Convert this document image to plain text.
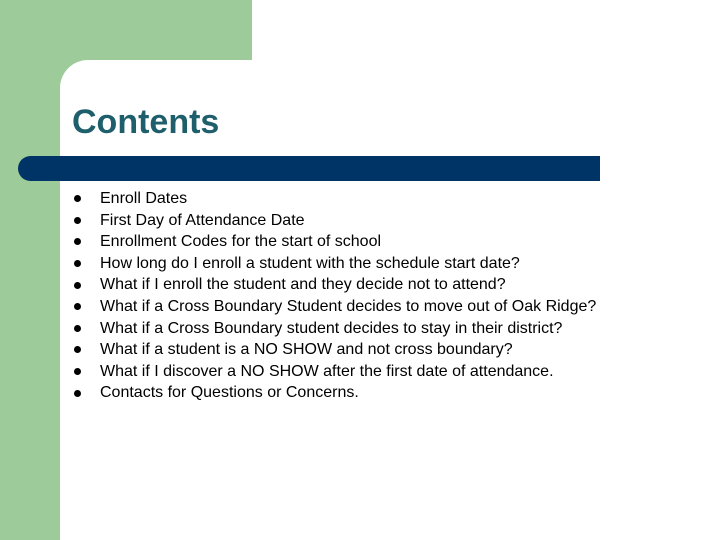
Contents
Enroll Dates
First Day of Attendance Date
Enrollment Codes for the start of school
How long do I enroll a student with the schedule start date?
What if I enroll the student and they decide not to attend?
What if a Cross Boundary Student decides to move out of Oak Ridge?
What if a Cross Boundary student decides to stay in their district?
What if a student is a NO SHOW and not cross boundary?
What if I discover a NO SHOW after the first date of attendance.
Contacts for Questions or Concerns.
